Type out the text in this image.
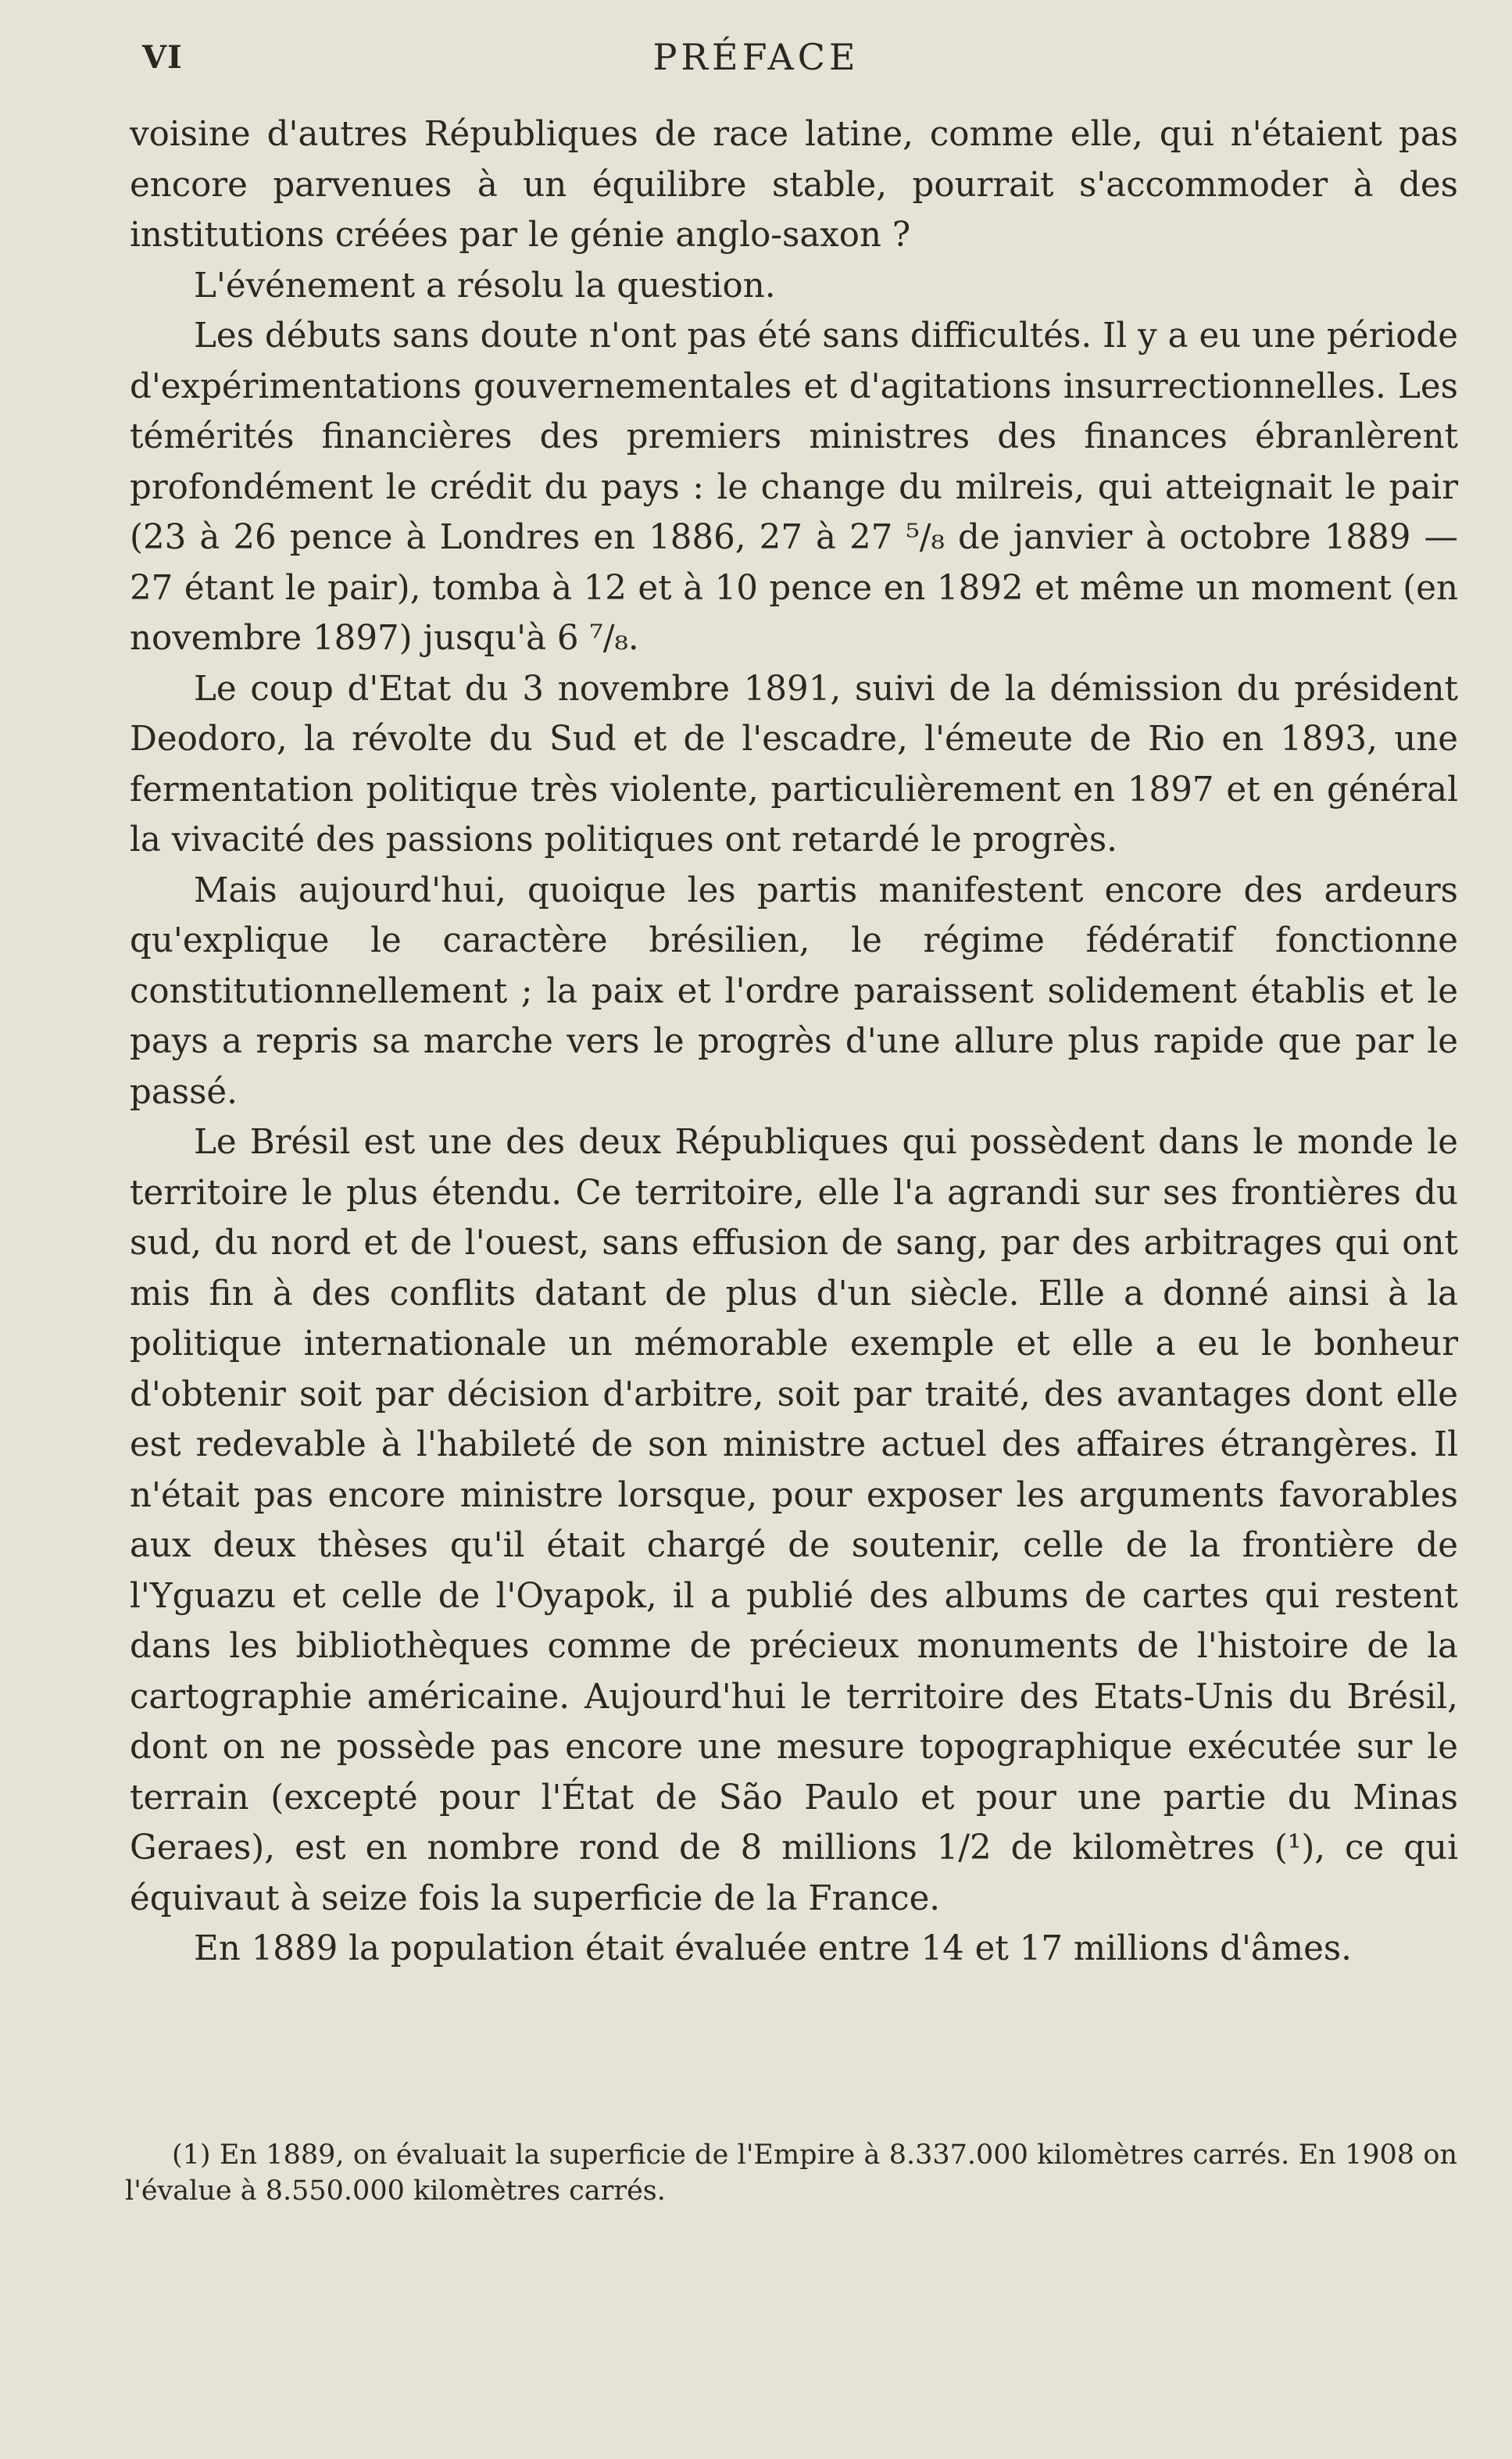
VI	PRÉFACE

voisine d'autres Républiques de race latine, comme elle, qui n'étaient pas encore parvenues à un équilibre stable, pourrait s'accommoder à des institutions créées par le génie anglo-saxon ?

L'événement a résolu la question.

Les débuts sans doute n'ont pas été sans difficultés. Il y a eu une période d'expérimentations gouvernementales et d'agitations insurrectionnelles. Les témérités financières des premiers ministres des finances ébranlèrent profondément le crédit du pays : le change du milreis, qui atteignait le pair (23 à 26 pence à Londres en 1886, 27 à 27 ⁵/₈ de janvier à octobre 1889 — 27 étant le pair), tomba à 12 et à 10 pence en 1892 et même un moment (en novembre 1897) jusqu'à 6 ⁷/₈.

Le coup d'Etat du 3 novembre 1891, suivi de la démission du président Deodoro, la révolte du Sud et de l'escadre, l'émeute de Rio en 1893, une fermentation politique très violente, particulièrement en 1897 et en général la vivacité des passions politiques ont retardé le progrès.

Mais aujourd'hui, quoique les partis manifestent encore des ardeurs qu'explique le caractère brésilien, le régime fédératif fonctionne constitutionnellement ; la paix et l'ordre paraissent solidement établis et le pays a repris sa marche vers le progrès d'une allure plus rapide que par le passé.

Le Brésil est une des deux Républiques qui possèdent dans le monde le territoire le plus étendu. Ce territoire, elle l'a agrandi sur ses frontières du sud, du nord et de l'ouest, sans effusion de sang, par des arbitrages qui ont mis fin à des conflits datant de plus d'un siècle. Elle a donné ainsi à la politique internationale un mémorable exemple et elle a eu le bonheur d'obtenir soit par décision d'arbitre, soit par traité, des avantages dont elle est redevable à l'habileté de son ministre actuel des affaires étrangères. Il n'était pas encore ministre lorsque, pour exposer les arguments favorables aux deux thèses qu'il était chargé de soutenir, celle de la frontière de l'Yguazu et celle de l'Oyapok, il a publié des albums de cartes qui restent dans les bibliothèques comme de précieux monuments de l'histoire de la cartographie américaine. Aujourd'hui le territoire des Etats-Unis du Brésil, dont on ne possède pas encore une mesure topographique exécutée sur le terrain (excepté pour l'État de São Paulo et pour une partie du Minas Geraes), est en nombre rond de 8 millions 1/2 de kilomètres (¹), ce qui équivaut à seize fois la superficie de la France.

En 1889 la population était évaluée entre 14 et 17 millions d'âmes.

(1) En 1889, on évaluait la superficie de l'Empire à 8.337.000 kilomètres carrés. En 1908 on l'évalue à 8.550.000 kilomètres carrés.
